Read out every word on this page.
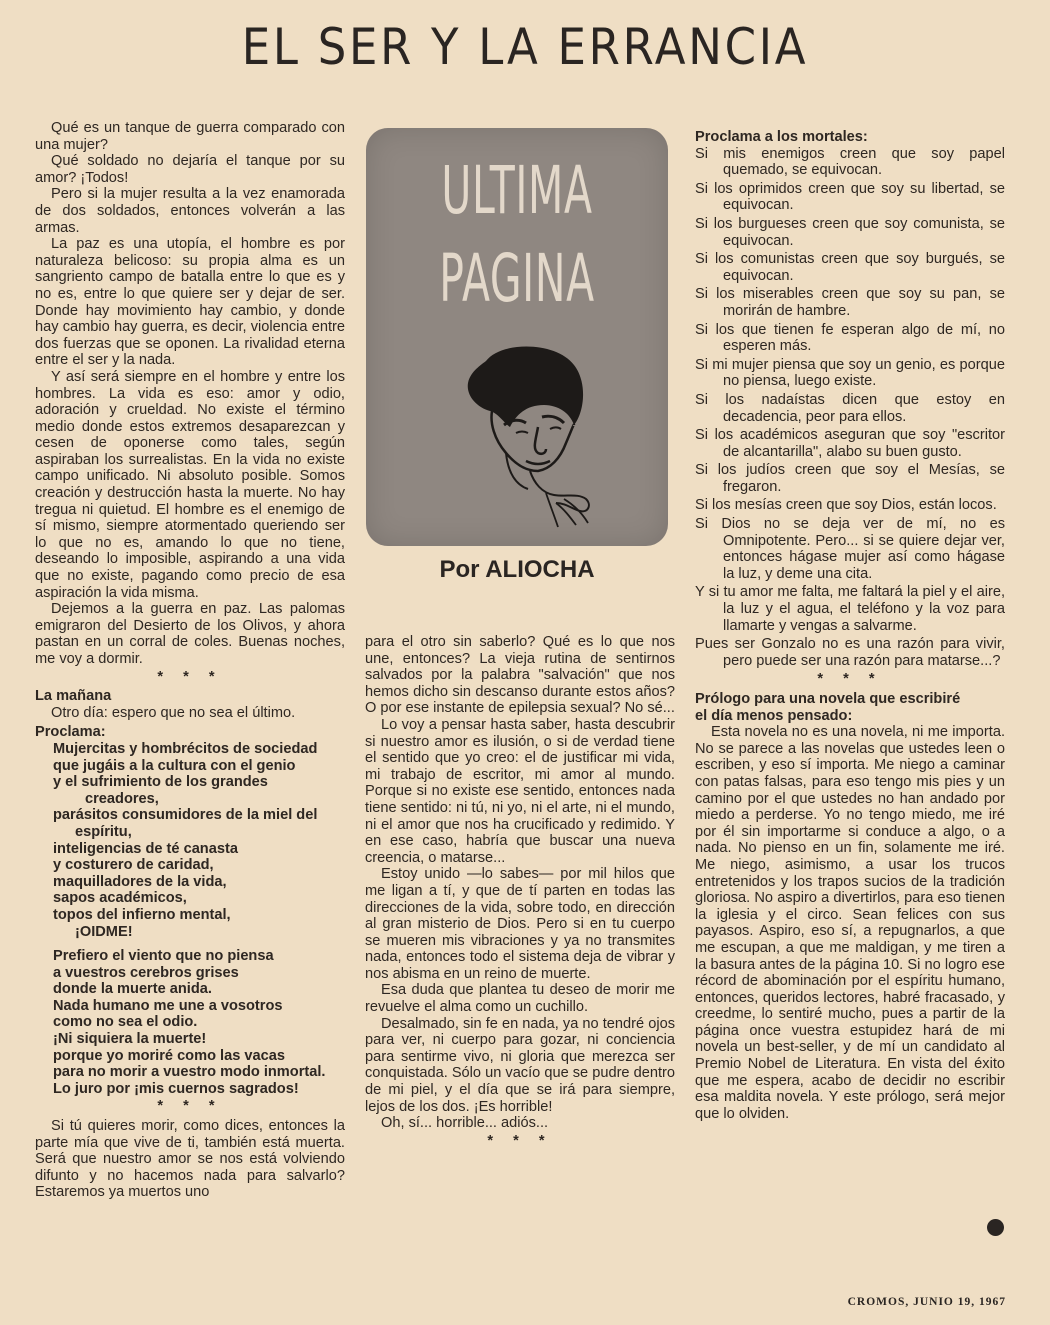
EL SER Y LA ERRANCIA

Qué es un tanque de guerra comparado con una mujer?

Qué soldado no dejaría el tanque por su amor? ¡Todos!

Pero si la mujer resulta a la vez enamorada de dos soldados, entonces volverán a las armas.

La paz es una utopía, el hombre es por naturaleza belicoso: su propia alma es un sangriento campo de batalla entre lo que es y no es, entre lo que quiere ser y dejar de ser. Donde hay movimiento hay cambio, y donde hay cambio hay guerra, es decir, violencia entre dos fuerzas que se oponen. La rivalidad eterna entre el ser y la nada.

Y así será siempre en el hombre y entre los hombres. La vida es eso: amor y odio, adoración y crueldad. No existe el término medio donde estos extremos desaparezcan y cesen de oponerse como tales, según aspiraban los surrealistas. En la vida no existe campo unificado. Ni absoluto posible. Somos creación y destrucción hasta la muerte. No hay tregua ni quietud. El hombre es el enemigo de sí mismo, siempre atormentado queriendo ser lo que no es, amando lo que no tiene, deseando lo imposible, aspirando a una vida que no existe, pagando como precio de esa aspiración la vida misma.

Dejemos a la guerra en paz. Las palomas emigraron del Desierto de los Olivos, y ahora pastan en un corral de coles. Buenas noches, me voy a dormir.

* * *
La mañana

Otro día: espero que no sea el último.

Proclama:
Mujercitas y hombrécitos de sociedad
que jugáis a la cultura con el genio
y el sufrimiento de los grandes
creadores,
parásitos consumidores de la miel del
espíritu,
inteligencias de té canasta
y costurero de caridad,
maquilladores de la vida,
sapos académicos,
topos del infierno mental,
¡OIDME!
Prefiero el viento que no piensa
a vuestros cerebros grises
donde la muerte anida.
Nada humano me une a vosotros
como no sea el odio.
¡Ni siquiera la muerte!
porque yo moriré como las vacas
para no morir a vuestro modo inmortal.
Lo juro por ¡mis cuernos sagrados!
* * *

Si tú quieres morir, como dices, entonces la parte mía que vive de ti, también está muerta. Será que nuestro amor se nos está volviendo difunto y no hacemos nada para salvarlo? Estaremos ya muertos uno

ULTIMA
PAGINA
Por ALIOCHA

para el otro sin saberlo? Qué es lo que nos une, entonces? La vieja rutina de sentirnos salvados por la palabra "salvación" que nos hemos dicho sin descanso durante estos años? O por ese instante de epilepsia sexual? No sé...

Lo voy a pensar hasta saber, hasta descubrir si nuestro amor es ilusión, o si de verdad tiene el sentido que yo creo: el de justificar mi vida, mi trabajo de escritor, mi amor al mundo. Porque si no existe ese sentido, entonces nada tiene sentido: ni tú, ni yo, ni el arte, ni el mundo, ni el amor que nos ha crucificado y redimido. Y en ese caso, habría que buscar una nueva creencia, o matarse...

Estoy unido —lo sabes— por mil hilos que me ligan a tí, y que de tí parten en todas las direcciones de la vida, sobre todo, en dirección al gran misterio de Dios. Pero si en tu cuerpo se mueren mis vibraciones y ya no transmites nada, entonces todo el sistema deja de vibrar y nos abisma en un reino de muerte.

Esa duda que plantea tu deseo de morir me revuelve el alma como un cuchillo.

Desalmado, sin fe en nada, ya no tendré ojos para ver, ni cuerpo para gozar, ni conciencia para sentirme vivo, ni gloria que merezca ser conquistada. Sólo un vacío que se pudre dentro de mi piel, y el día que se irá para siempre, lejos de los dos. ¡Es horrible!

Oh, sí... horrible... adiós...

* * *
Proclama a los mortales:

Si mis enemigos creen que soy papel quemado, se equivocan.

Si los oprimidos creen que soy su libertad, se equivocan.

Si los burgueses creen que soy comunista, se equivocan.

Si los comunistas creen que soy burgués, se equivocan.

Si los miserables creen que soy su pan, se morirán de hambre.

Si los que tienen fe esperan algo de mí, no esperen más.

Si mi mujer piensa que soy un genio, es porque no piensa, luego existe.

Si los nadaístas dicen que estoy en decadencia, peor para ellos.

Si los académicos aseguran que soy "escritor de alcantarilla", alabo su buen gusto.

Si los judíos creen que soy el Mesías, se fregaron.

Si los mesías creen que soy Dios, están locos.

Si Dios no se deja ver de mí, no es Omnipotente. Pero... si se quiere dejar ver, entonces hágase mujer así como hágase la luz, y deme una cita.

Y si tu amor me falta, me faltará la piel y el aire, la luz y el agua, el teléfono y la voz para llamarte y vengas a salvarme.

Pues ser Gonzalo no es una razón para vivir, pero puede ser una razón para matarse...?

* * *
Prólogo para una novela que escribiré
el día menos pensado:

Esta novela no es una novela, ni me importa. No se parece a las novelas que ustedes leen o escriben, y eso sí importa. Me niego a caminar con patas falsas, para eso tengo mis pies y un camino por el que ustedes no han andado por miedo a perderse. Yo no tengo miedo, me iré por él sin importarme si conduce a algo, o a nada. No pienso en un fin, solamente me iré. Me niego, asimismo, a usar los trucos entretenidos y los trapos sucios de la tradición gloriosa. No aspiro a divertirlos, para eso tienen la iglesia y el circo. Sean felices con sus payasos. Aspiro, eso sí, a repugnarlos, a que me escupan, a que me maldigan, y me tiren a la basura antes de la página 10. Si no logro ese récord de abominación por el espíritu humano, entonces, queridos lectores, habré fracasado, y creedme, lo sentiré mucho, pues a partir de la página once vuestra estupidez hará de mi novela un best-seller, y de mí un candidato al Premio Nobel de Literatura. En vista del éxito que me espera, acabo de decidir no escribir esa maldita novela. Y este prólogo, será mejor que lo olviden.

CROMOS, JUNIO 19, 1967
